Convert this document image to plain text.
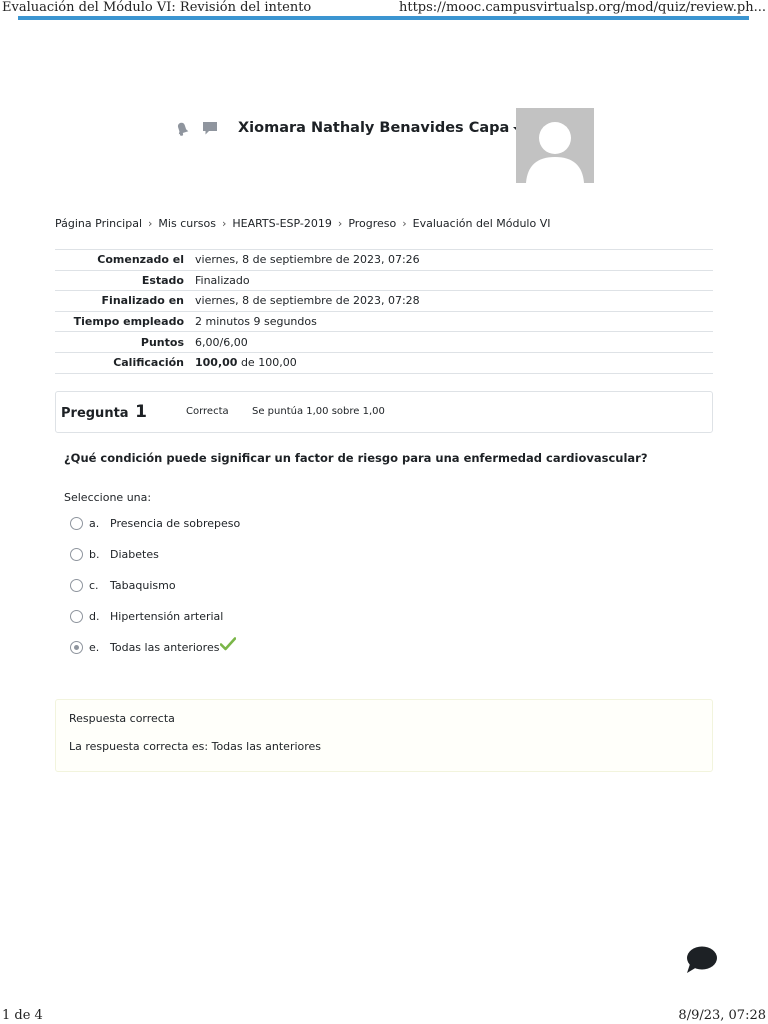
Evaluación del Módulo VI: Revisión del intento	https://mooc.campusvirtualsp.org/mod/quiz/review.ph...
Xiomara Nathaly Benavides Capa
Página Principal › Mis cursos › HEARTS-ESP-2019 › Progreso › Evaluación del Módulo VI
Comenzado el	viernes, 8 de septiembre de 2023, 07:26
Estado	Finalizado
Finalizado en	viernes, 8 de septiembre de 2023, 07:28
Tiempo empleado	2 minutos 9 segundos
Puntos	6,00/6,00
Calificación	100,00 de 100,00
Pregunta 1	Correcta Se puntúa 1,00 sobre 1,00
¿Qué condición puede significar un factor de riesgo para una enfermedad cardiovascular?
Seleccione una:
a. Presencia de sobrepeso
b. Diabetes
c.	Tabaquismo
d. Hipertensión arterial
e. Todas las anteriores
Respuesta correcta
La respuesta correcta es: Todas las anteriores
1 de 4	8/9/23, 07:28
